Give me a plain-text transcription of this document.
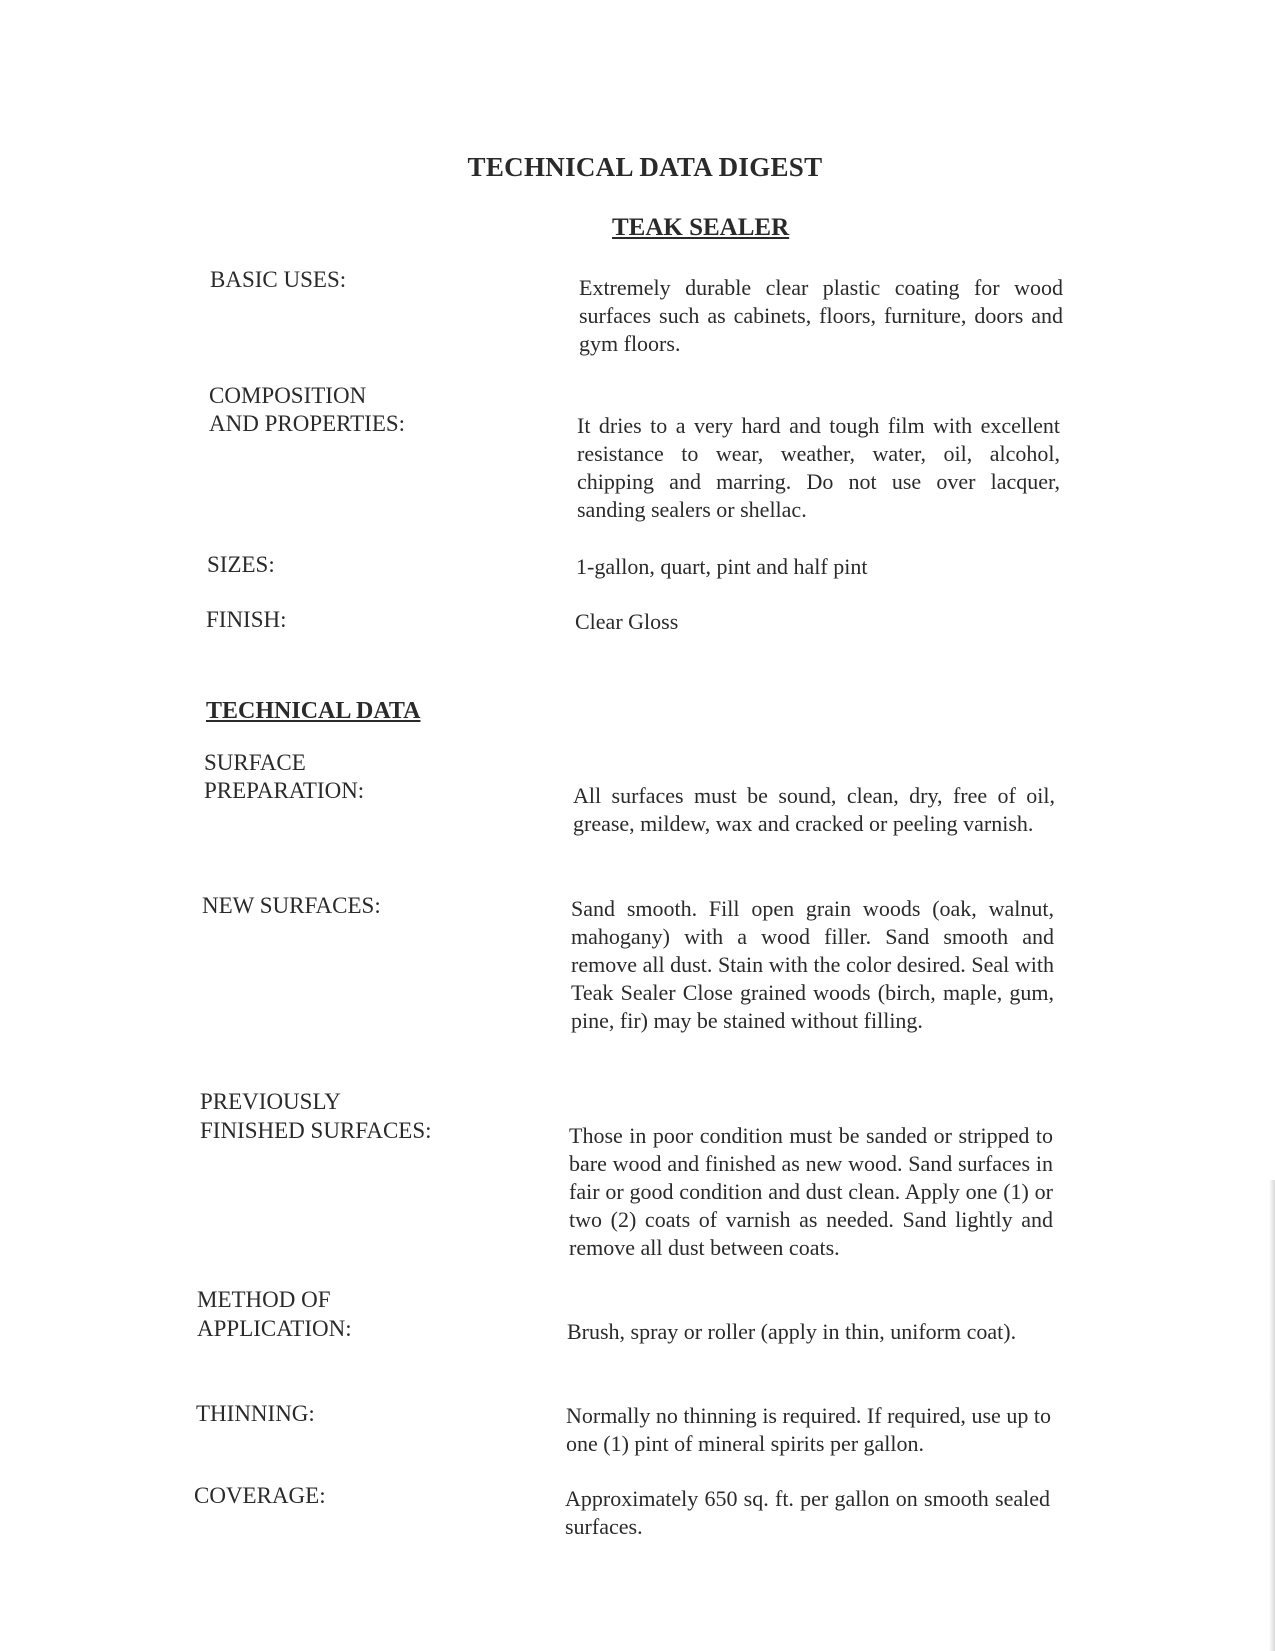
TECHNICAL DATA DIGEST
TEAK SEALER
BASIC USES:	Extremely durable clear plastic coating for wood surfaces such as cabinets, floors, furniture, doors and gym floors.
COMPOSITION
AND PROPERTIES:	It dries to a very hard and tough film with excellent resistance to wear, weather, water, oil, alcohol, chipping and marring. Do not use over lacquer, sanding sealers or shellac.
SIZES:	1-gallon, quart, pint and half pint
FINISH:	Clear Gloss
TECHNICAL DATA
SURFACE
PREPARATION:	All surfaces must be sound, clean, dry, free of oil, grease, mildew, wax and cracked or peeling varnish.
NEW SURFACES:	Sand smooth. Fill open grain woods (oak, walnut, mahogany) with a wood filler. Sand smooth and remove all dust. Stain with the color desired. Seal with Teak Sealer Close grained woods (birch, maple, gum, pine, fir) may be stained without filling.
PREVIOUSLY
FINISHED SURFACES:	Those in poor condition must be sanded or stripped to bare wood and finished as new wood. Sand surfaces in fair or good condition and dust clean. Apply one (1) or two (2) coats of varnish as needed. Sand lightly and remove all dust between coats.
METHOD OF
APPLICATION:	Brush, spray or roller (apply in thin, uniform coat).
THINNING:	Normally no thinning is required. If required, use up to one (1) pint of mineral spirits per gallon.
COVERAGE:	Approximately 650 sq. ft. per gallon on smooth sealed surfaces.
